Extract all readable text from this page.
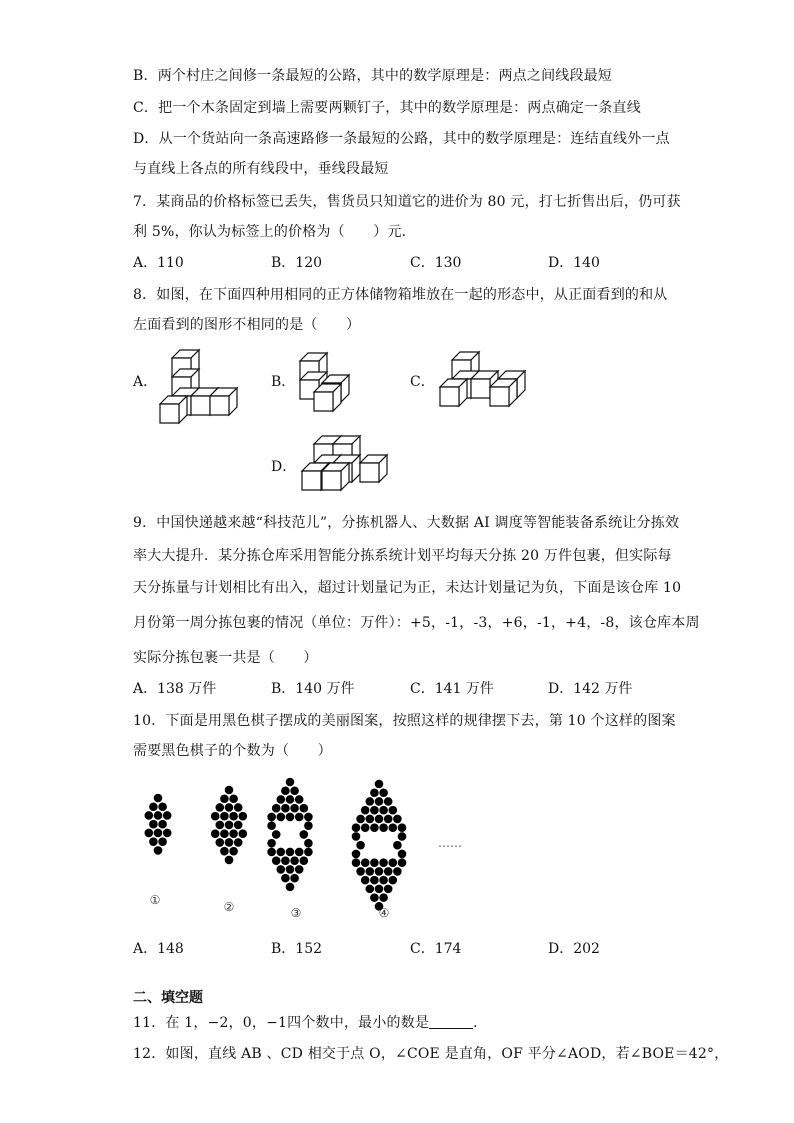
B．两个村庄之间修一条最短的公路，其中的数学原理是：两点之间线段最短
C．把一个木条固定到墙上需要两颗钉子，其中的数学原理是：两点确定一条直线
D．从一个货站向一条高速路修一条最短的公路，其中的数学原理是：连结直线外一点
与直线上各点的所有线段中，垂线段最短
7．某商品的价格标签已丢失，售货员只知道它的进价为 80 元，打七折售出后，仍可获
利 5%，你认为标签上的价格为（　　）元．
A．110	B．120	C．130	D．140
8．如图，在下面四种用相同的正方体储物箱堆放在一起的形态中，从正面看到的和从
左面看到的图形不相同的是（　　）
A．	B．	C．
D．
9．中国快递越来越“科技范儿”，分拣机器人、大数据 AI 调度等智能装备系统让分拣效
率大大提升．某分拣仓库采用智能分拣系统计划平均每天分拣 20 万件包裹，但实际每
天分拣量与计划相比有出入，超过计划量记为正，未达计划量记为负，下面是该仓库 10
月份第一周分拣包裹的情况（单位：万件）：+5，-1，-3，+6，-1，+4，-8，该仓库本周
实际分拣包裹一共是（　　）
A．138 万件	B．140 万件	C．141 万件	D．142 万件
10．下面是用黑色棋子摆成的美丽图案，按照这样的规律摆下去，第 10 个这样的图案
需要黑色棋子的个数为（　　）
①	②	③	④
……
A．148	B．152	C．174	D．202
二、填空题
11．在 1，−2，0，−1四个数中，最小的数是	．
12．如图，直线 AB 、CD 相交于点 O，∠COE 是直角，OF 平分∠AOD，若∠BOE＝42°，
